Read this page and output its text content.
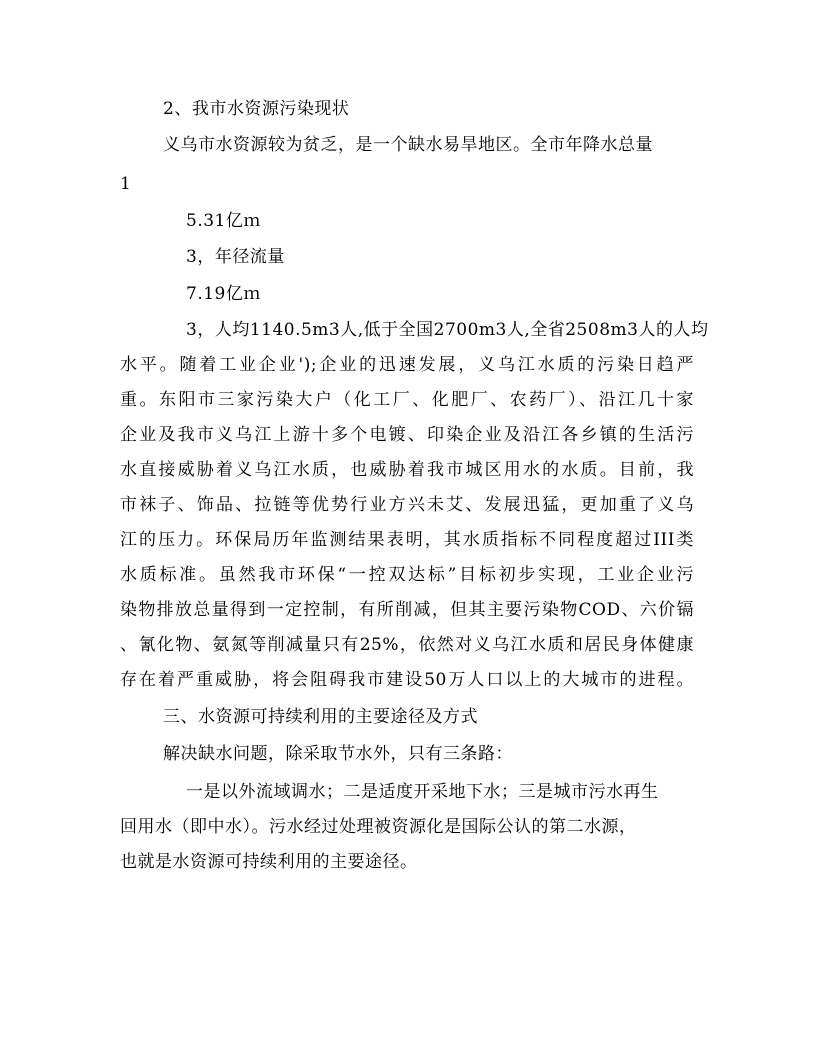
2、我市水资源污染现状
义乌市水资源较为贫乏，是一个缺水易旱地区。全市年降水总量
1
5.31亿ｍ
3，年径流量
7.19亿ｍ
3，人均1140.5m3人,低于全国2700m3人,全省2508m3人的人均
水平。随着工业企业');企业的迅速发展，义乌江水质的污染日趋严
重。东阳市三家污染大户（化工厂、化肥厂、农药厂）、沿江几十家
企业及我市义乌江上游十多个电镀、印染企业及沿江各乡镇的生活污
水直接威胁着义乌江水质，也威胁着我市城区用水的水质。目前，我
市袜子、饰品、拉链等优势行业方兴未艾、发展迅猛，更加重了义乌
江的压力。环保局历年监测结果表明，其水质指标不同程度超过III类
水质标准。虽然我市环保“一控双达标”目标初步实现，工业企业污
染物排放总量得到一定控制，有所削减，但其主要污染物COD、六价镉
、氰化物、氨氮等削减量只有25%，依然对义乌江水质和居民身体健康
存在着严重威胁，将会阻碍我市建设50万人口以上的大城市的进程。
三、水资源可持续利用的主要途径及方式
解决缺水问题，除采取节水外，只有三条路：
一是以外流域调水；二是适度开采地下水；三是城市污水再生
回用水（即中水）。污水经过处理被资源化是国际公认的第二水源，
也就是水资源可持续利用的主要途径。
